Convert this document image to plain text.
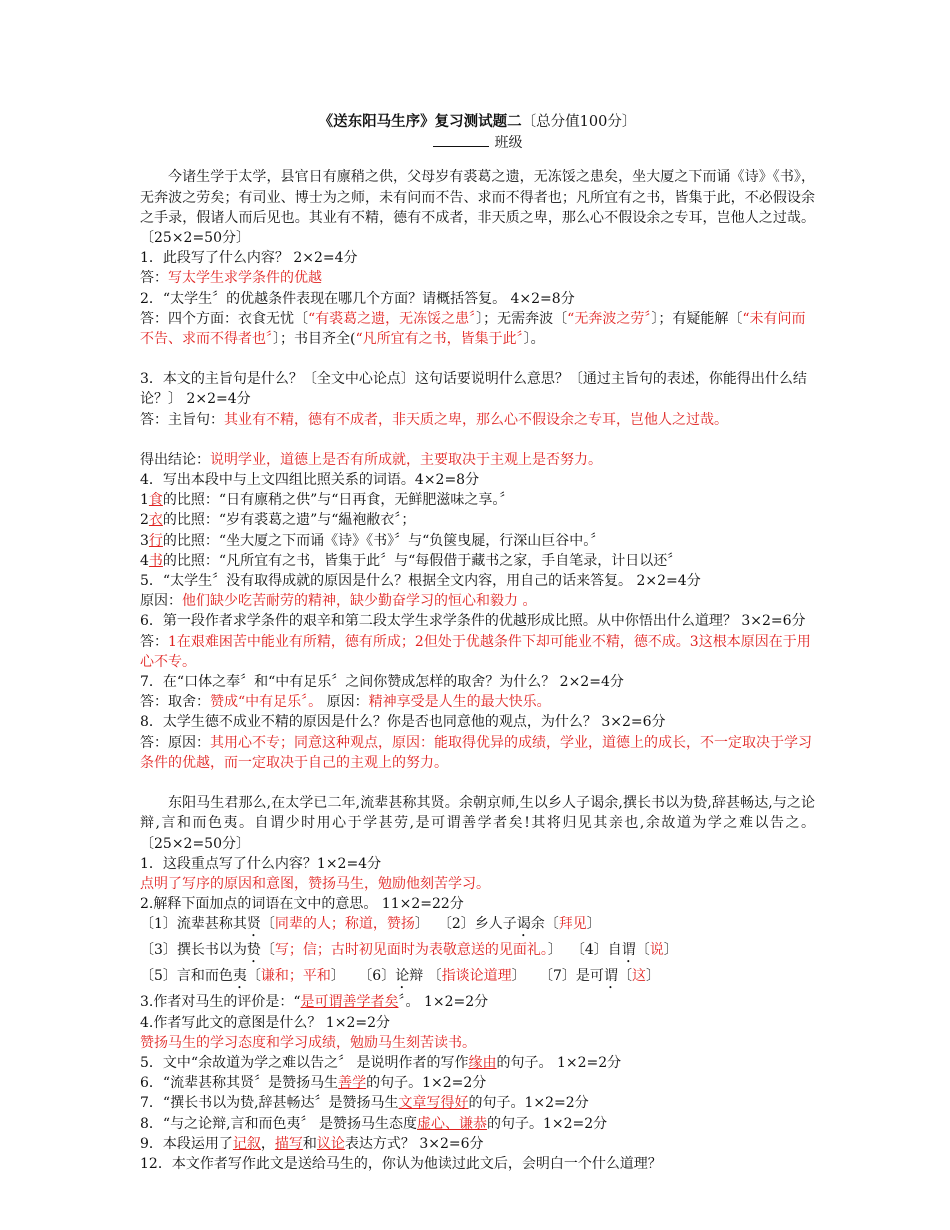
《送东阳马生序》复习测试题二〔总分值100分〕

班级

今诸生学于太学，县官日有廪稍之供，父母岁有裘葛之遗，无冻馁之患矣，坐大厦之下而诵《诗》《书》，无奔波之劳矣；有司业、博士为之师，未有问而不告、求而不得者也；凡所宜有之书，皆集于此，不必假设余之手录，假诸人而后见也。其业有不精，德有不成者，非天质之卑，那么心不假设余之专耳，岂他人之过哉。 〔25×2=50分〕

1．此段写了什么内容？ 2×2=4分

答：写太学生求学条件的优越

2．“太学生〞的优越条件表现在哪几个方面？请概括答复。 4×2=8分

答：四个方面：衣食无忧〔“有裘葛之遗，无冻馁之患〞〕；无需奔波〔“无奔波之劳〞〕；有疑能解〔“未有问而不告、求而不得者也〞〕；书目齐全(“凡所宜有之书，皆集于此〞〕。

3．本文的主旨句是什么？〔全文中心论点〕这句话要说明什么意思？〔通过主旨句的表述，你能得出什么结论？〕 2×2=4分

答：主旨句：其业有不精，德有不成者，非天质之卑，那么心不假设余之专耳，岂他人之过哉。

得出结论：说明学业，道德上是否有所成就，主要取决于主观上是否努力。

4．写出本段中与上文四组比照关系的词语。4×2=8分

1食的比照：“日有廪稍之供”与“日再食，无鲜肥滋味之享。〞

2衣的比照：“岁有裘葛之遗”与“緼袍敝衣〞；

3行的比照：“坐大厦之下而诵《诗》《书》〞与“负箧曳屣，行深山巨谷中。〞

4书的比照：“凡所宜有之书，皆集于此〞与“每假借于藏书之家，手自笔录，计日以还〞

5．“太学生〞没有取得成就的原因是什么？根据全文内容，用自己的话来答复。 2×2=4分

原因：他们缺少吃苦耐劳的精神，缺少勤奋学习的恒心和毅力 。

6．第一段作者求学条件的艰辛和第二段太学生求学条件的优越形成比照。从中你悟出什么道理？ 3×2=6分

答：1在艰难困苦中能业有所精，德有所成；2但处于优越条件下却可能业不精，德不成。3这根本原因在于用心不专。

7．在“口体之奉〞和“中有足乐〞之间你赞成怎样的取舍？为什么？ 2×2=4分

答：取舍：赞成“中有足乐〞。 原因：精神享受是人生的最大快乐。

8．太学生德不成业不精的原因是什么？你是否也同意他的观点，为什么？ 3×2=6分

答：原因：其用心不专；同意这种观点，原因：能取得优异的成绩，学业，道德上的成长，不一定取决于学习条件的优越，而一定取决于自己的主观上的努力。

东阳马生君那么,在太学已二年,流辈甚称其贤。余朝京师,生以乡人子谒余,撰长书以为贽,辞甚畅达,与之论辩,言和而色夷。自谓少时用心于学甚劳,是可谓善学者矣!其将归见其亲也,余故道为学之难以告之。 〔25×2=50分〕

1．这段重点写了什么内容？1×2=4分

点明了写序的原因和意图，赞扬马生，勉励他刻苦学习。

2.解释下面加点的词语在文中的意思。 11×2=22分

〔1〕流辈甚称其贤〔同辈的人；称道，赞扬〕 〔2〕乡人子谒余〔拜见〕

〔3〕撰长书以为贽〔写；信；古时初见面时为表敬意送的见面礼。〕 〔4〕自谓〔说〕

〔5〕言和而色夷〔谦和；平和〕 〔6〕论辩 〔指谈论道理〕 〔7〕是可谓〔这〕

3.作者对马生的评价是：“是可谓善学者矣〞。 1×2=2分

4.作者写此文的意图是什么？ 1×2=2分

赞扬马生的学习态度和学习成绩，勉励马生刻苦读书。

5．文中“余故道为学之难以告之〞 是说明作者的写作缘由的句子。 1×2=2分

6．“流辈甚称其贤〞是赞扬马生善学的句子。1×2=2分

7．“撰长书以为贽,辞甚畅达〞是赞扬马生文章写得好的句子。1×2=2分

8．“与之论辩,言和而色夷〞 是赞扬马生态度虚心、谦恭的句子。1×2=2分

9．本段运用了记叙，描写和议论表达方式？ 3×2=6分

12．本文作者写作此文是送给马生的，你认为他读过此文后，会明白一个什么道理？
